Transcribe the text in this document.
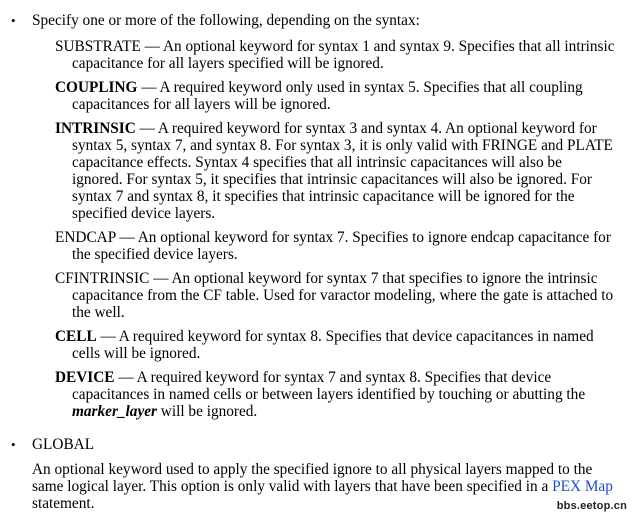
• Specify one or more of the following, depending on the syntax:

SUBSTRATE — An optional keyword for syntax 1 and syntax 9. Specifies that all intrinsic capacitance for all layers specified will be ignored.

COUPLING — A required keyword only used in syntax 5. Specifies that all coupling capacitances for all layers will be ignored.

INTRINSIC — A required keyword for syntax 3 and syntax 4. An optional keyword for syntax 5, syntax 7, and syntax 8. For syntax 3, it is only valid with FRINGE and PLATE capacitance effects. Syntax 4 specifies that all intrinsic capacitances will also be ignored. For syntax 5, it specifies that intrinsic capacitances will also be ignored. For syntax 7 and syntax 8, it specifies that intrinsic capacitance will be ignored for the specified device layers.

ENDCAP — An optional keyword for syntax 7. Specifies to ignore endcap capacitance for the specified device layers.

CFINTRINSIC — An optional keyword for syntax 7 that specifies to ignore the intrinsic capacitance from the CF table. Used for varactor modeling, where the gate is attached to the well.

CELL — A required keyword for syntax 8. Specifies that device capacitances in named cells will be ignored.

DEVICE — A required keyword for syntax 7 and syntax 8. Specifies that device capacitances in named cells or between layers identified by touching or abutting the marker_layer will be ignored.

• GLOBAL
An optional keyword used to apply the specified ignore to all physical layers mapped to the same logical layer. This option is only valid with layers that have been specified in a PEX Map statement.	bbs.eetop.cn
